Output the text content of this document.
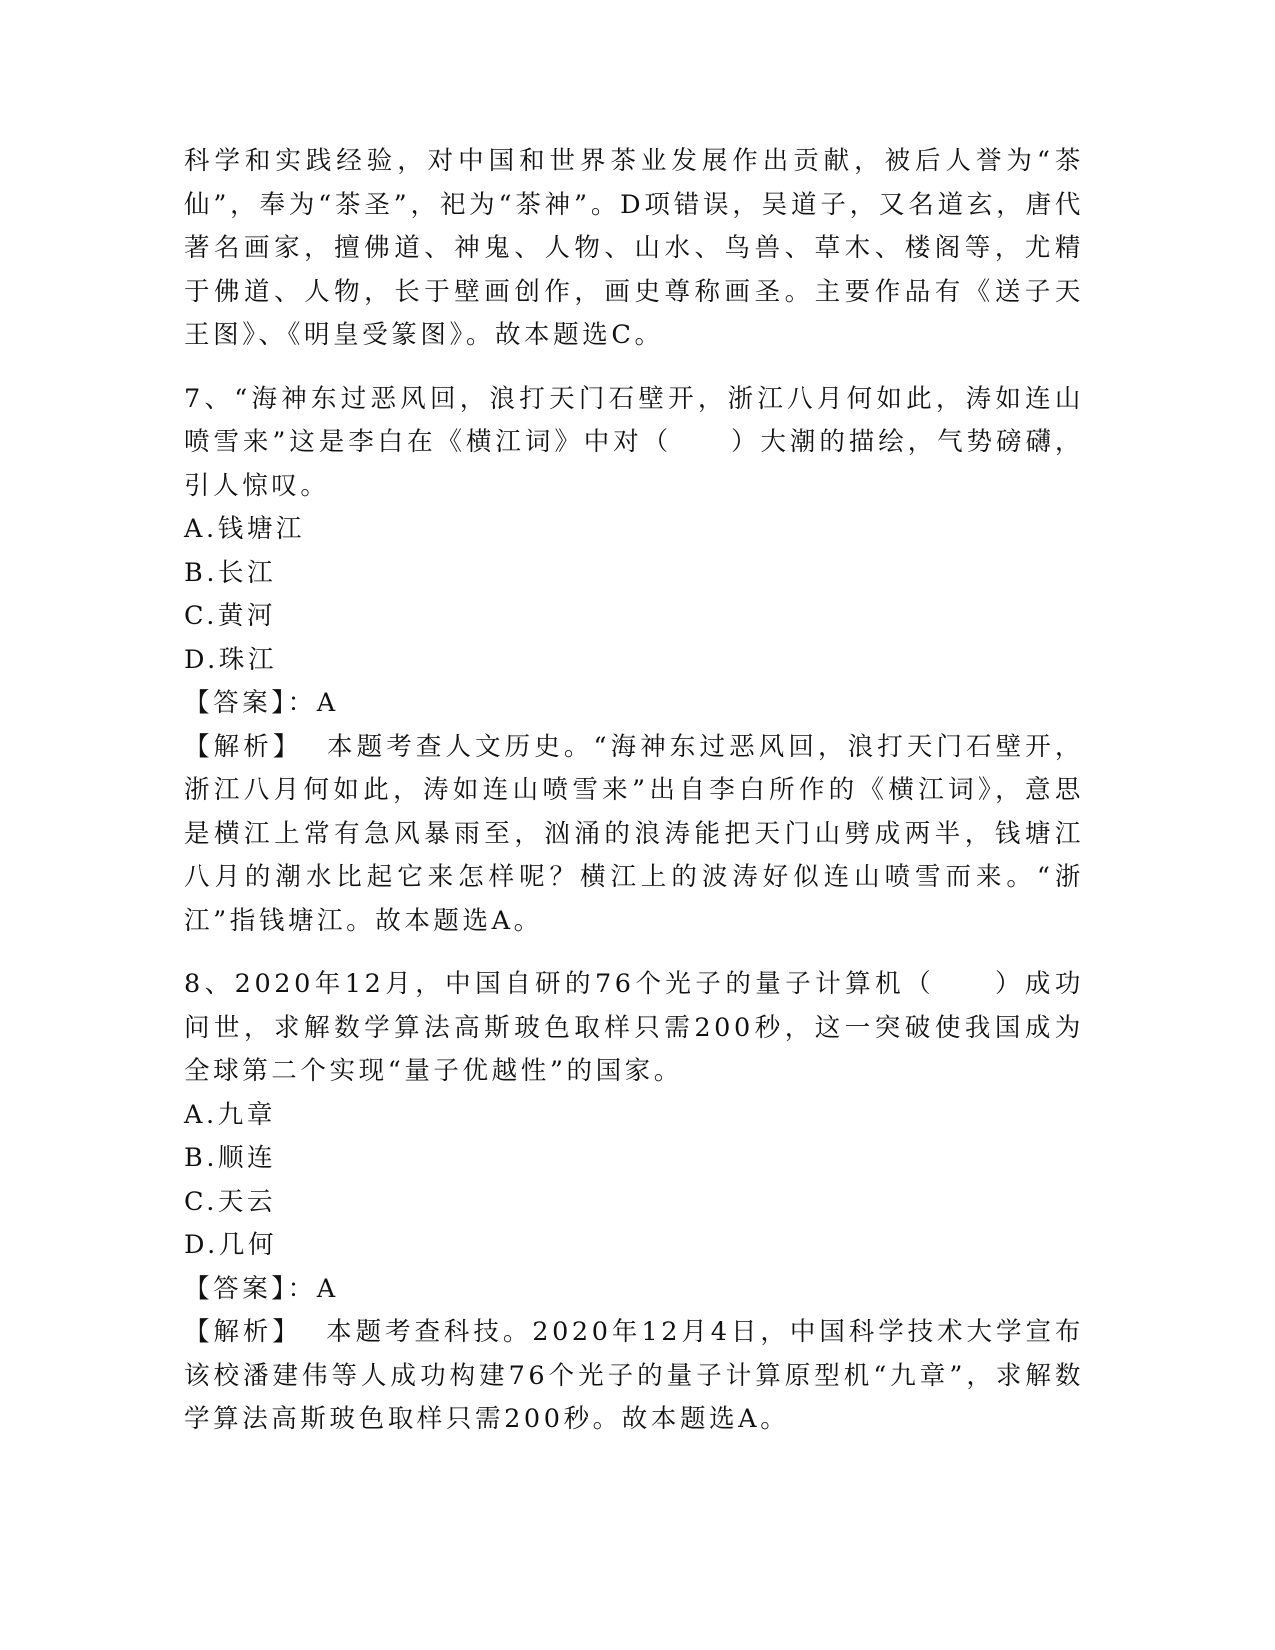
科学和实践经验，对中国和世界茶业发展作出贡献，被后人誉为“茶仙”，奉为“茶圣”，祀为“茶神”。D项错误，吴道子，又名道玄，唐代著名画家，擅佛道、神鬼、人物、山水、鸟兽、草木、楼阁等，尤精于佛道、人物，长于壁画创作，画史尊称画圣。主要作品有《送子天王图》、《明皇受篆图》。故本题选C。

7、“海神东过恶风回，浪打天门石壁开，浙江八月何如此，涛如连山喷雪来”这是李白在《横江词》中对（　　）大潮的描绘，气势磅礴，引人惊叹。

A.钱塘江

B.长江

C.黄河

D.珠江

【答案】：A

【解析】 本题考查人文历史。“海神东过恶风回，浪打天门石壁开，浙江八月何如此，涛如连山喷雪来”出自李白所作的《横江词》，意思是横江上常有急风暴雨至，汹涌的浪涛能把天门山劈成两半，钱塘江八月的潮水比起它来怎样呢？横江上的波涛好似连山喷雪而来。“浙江”指钱塘江。故本题选A。

8、2020年12月，中国自研的76个光子的量子计算机（　　）成功问世，求解数学算法高斯玻色取样只需200秒，这一突破使我国成为全球第二个实现“量子优越性”的国家。

A.九章

B.顺连

C.天云

D.几何

【答案】：A

【解析】 本题考查科技。2020年12月4日，中国科学技术大学宣布该校潘建伟等人成功构建76个光子的量子计算原型机“九章”，求解数学算法高斯玻色取样只需200秒。故本题选A。
